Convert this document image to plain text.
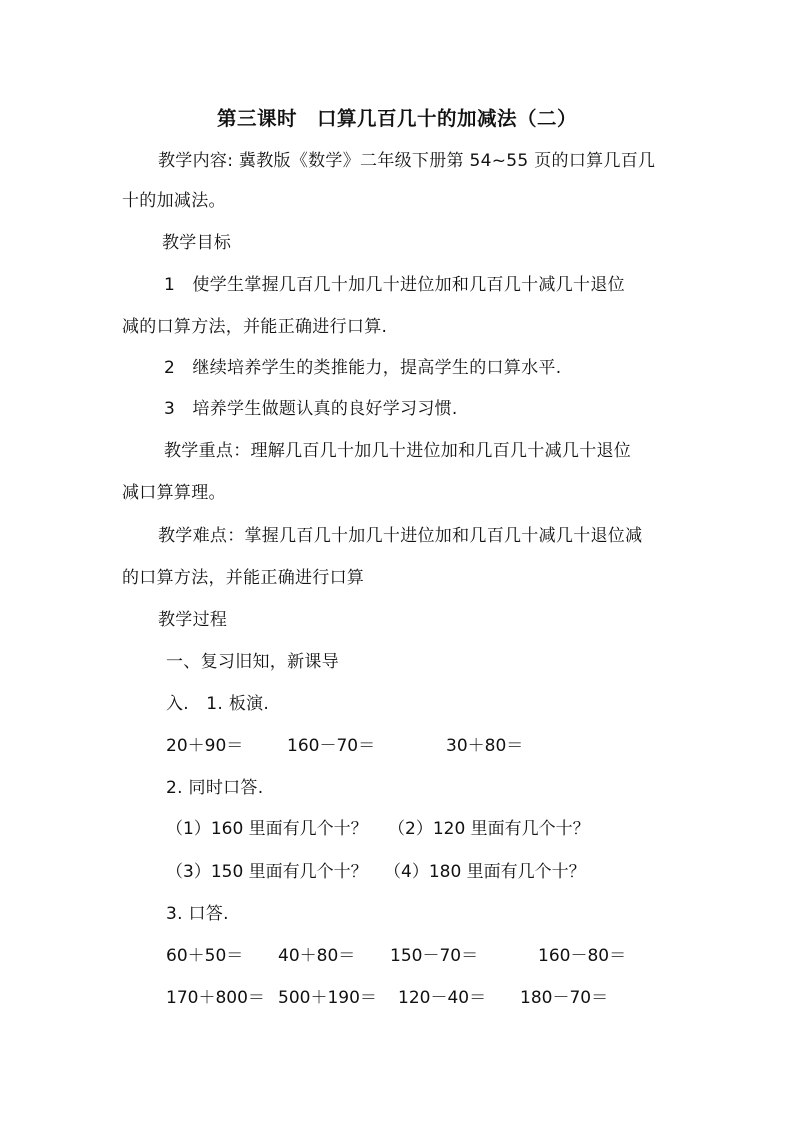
第三课时　口算几百几十的加减法（二）
教学内容: 冀教版《数学》二年级下册第 54~55 页的口算几百几
十的加减法。
教学目标
1　使学生掌握几百几十加几十进位加和几百几十减几十退位
减的口算方法，并能正确进行口算.
2　继续培养学生的类推能力，提高学生的口算水平.
3　培养学生做题认真的良好学习习惯.
教学重点：理解几百几十加几十进位加和几百几十减几十退位
减口算算理。
教学难点：掌握几百几十加几十进位加和几百几十减几十退位减
的口算方法，并能正确进行口算
教学过程
一、复习旧知，新课导
入.　1. 板演.
20＋90＝	160－70＝	30＋80＝
2. 同时口答.
（1）160 里面有几个十？ （2）120 里面有几个十？
（3）150 里面有几个十？ （4）180 里面有几个十？
3. 口答.
60＋50＝ 40＋80＝ 150－70＝	160－80＝
170＋800＝ 500＋190＝ 120－40＝ 180－70＝
